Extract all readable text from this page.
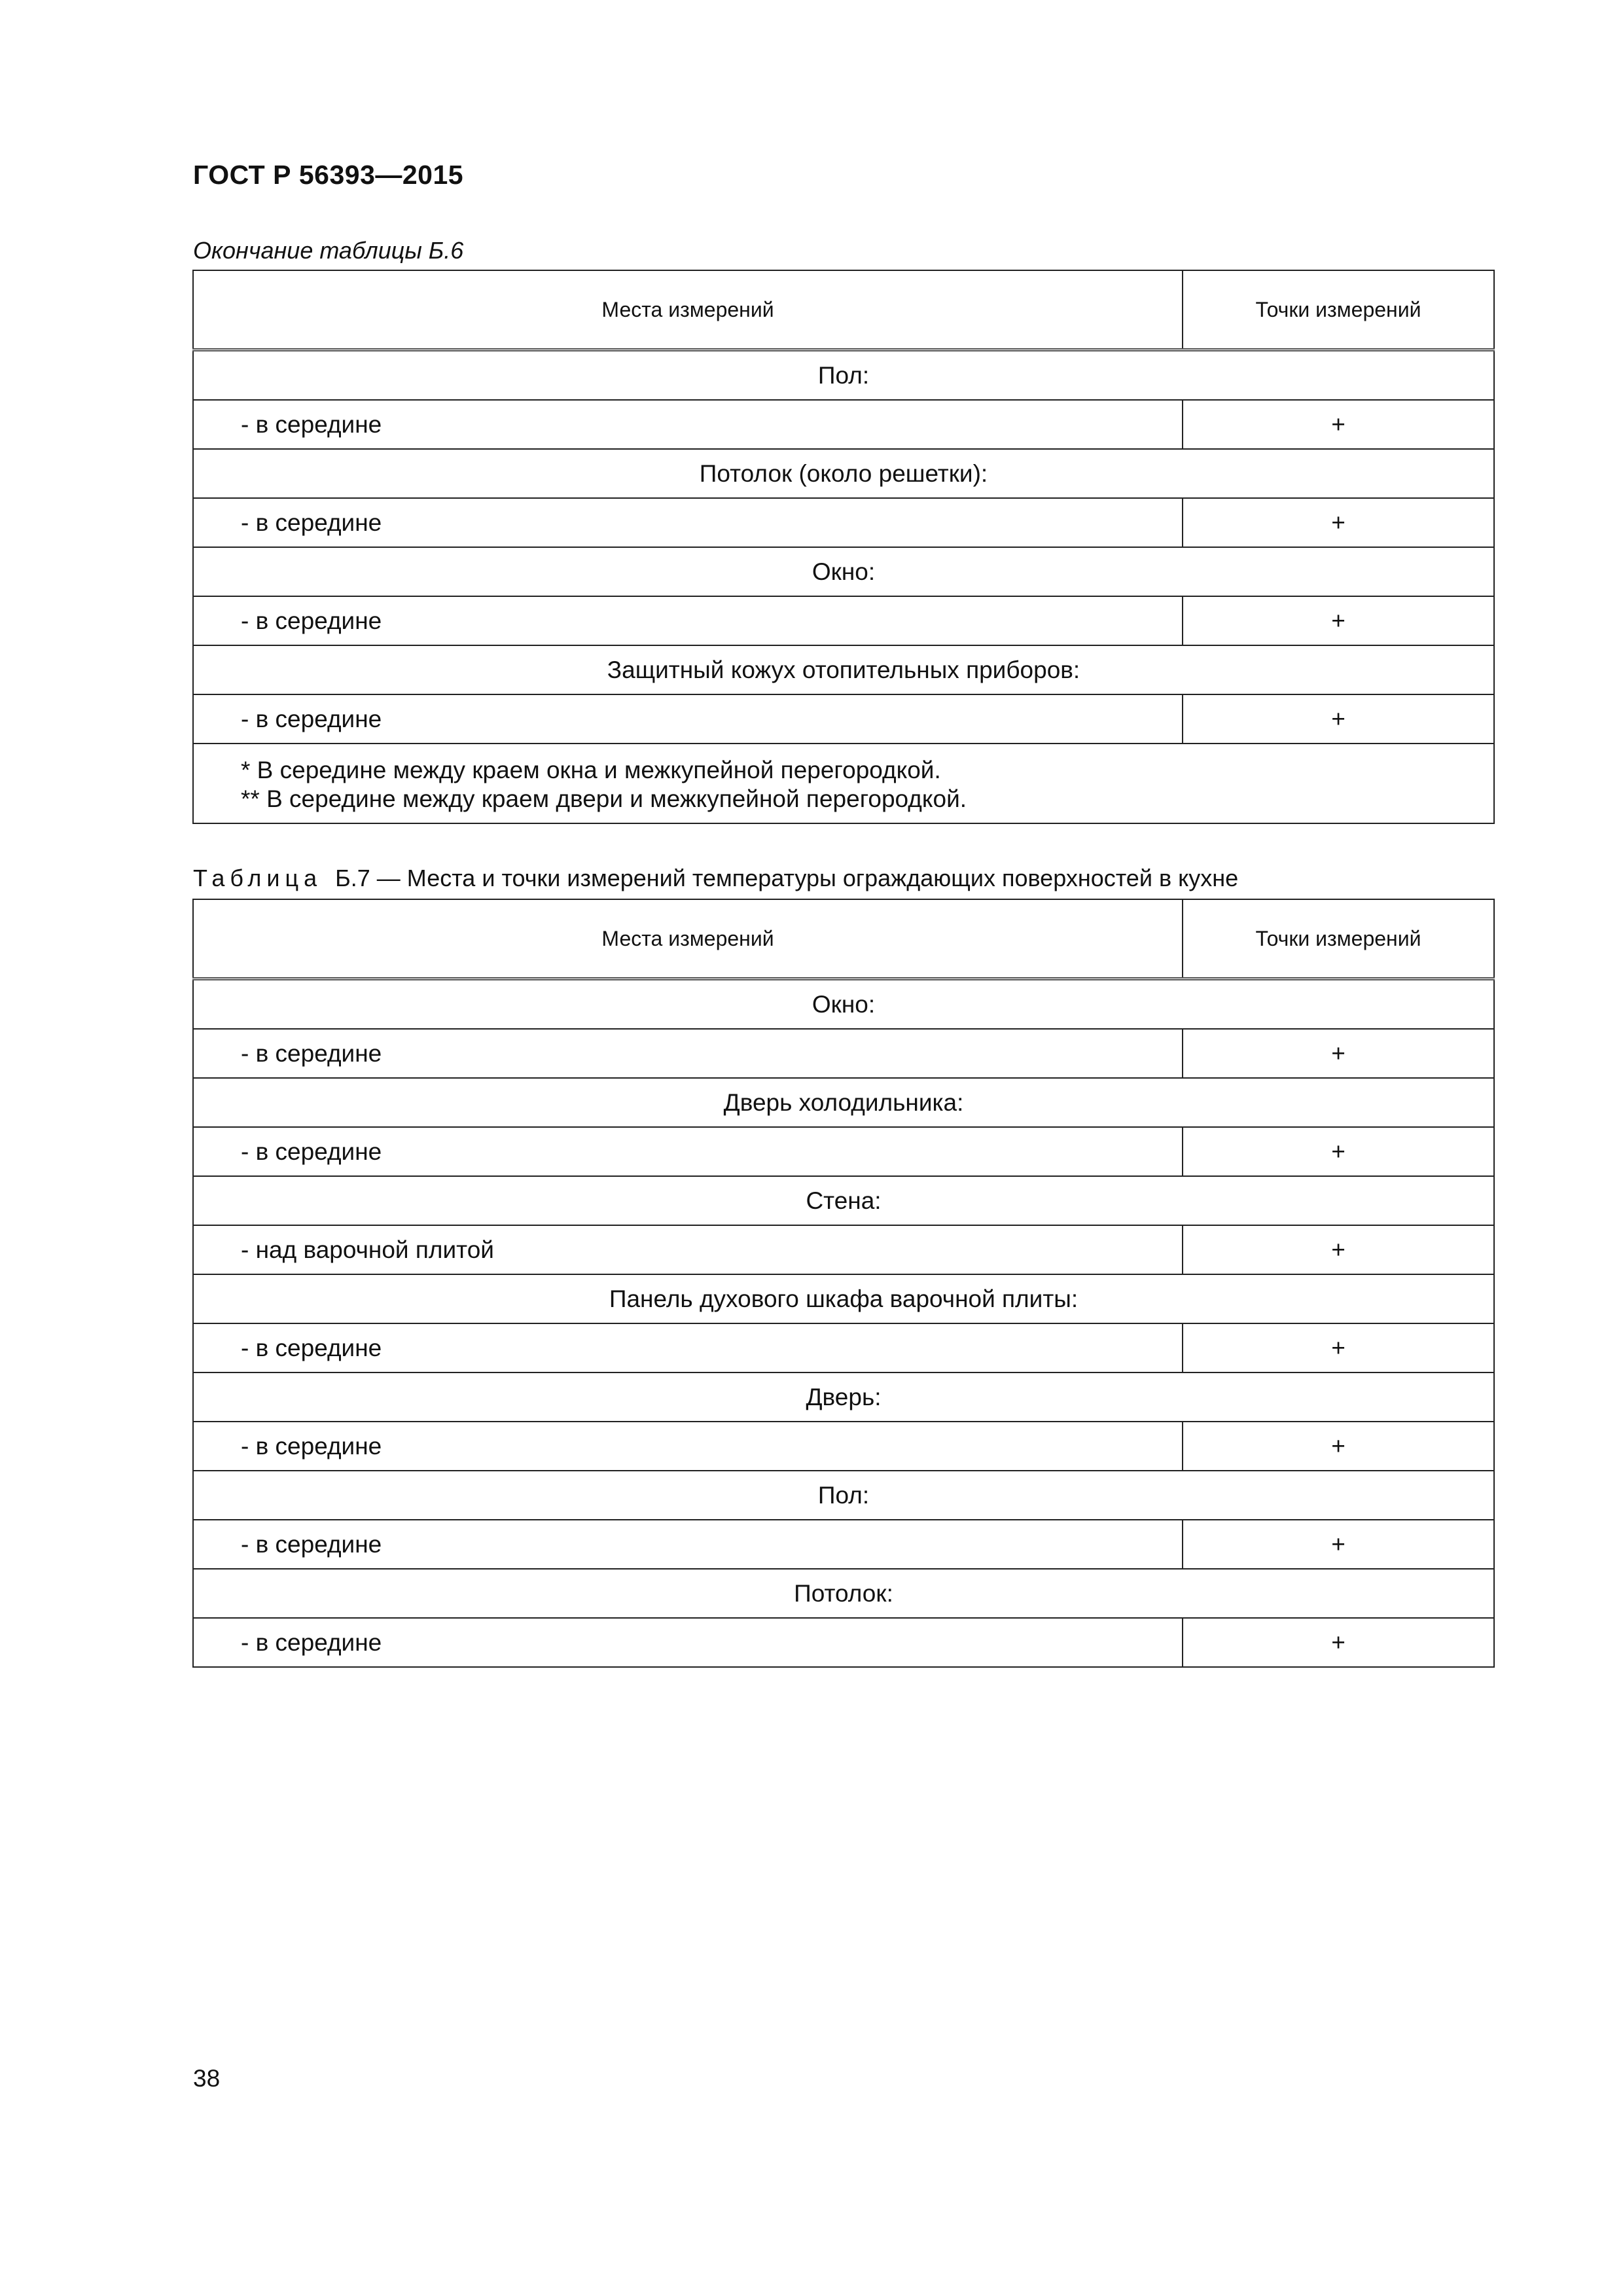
ГОСТ Р 56393—2015
Окончание таблицы Б.6
Места измерений	Точки измерений
Пол:	
- в середине	+
Потолок (около решетки):	
- в середине	+
Окно:	
- в середине	+
Защитный кожух отопительных приборов:	
- в середине	+

* В середине между краем окна и межкупейной перегородкой.
** В середине между краем двери и межкупейной перегородкой.	
Таблица Б.7 — Места и точки измерений температуры ограждающих поверхностей в кухне
Места измерений	Точки измерений
Окно:	
- в середине	+
Дверь холодильника:	
- в середине	+
Стена:	
- над варочной плитой	+
Панель духового шкафа варочной плиты:	
- в середине	+
Дверь:	
- в середине	+
Пол:	
- в середине	+
Потолок:	
- в середине	+
38
